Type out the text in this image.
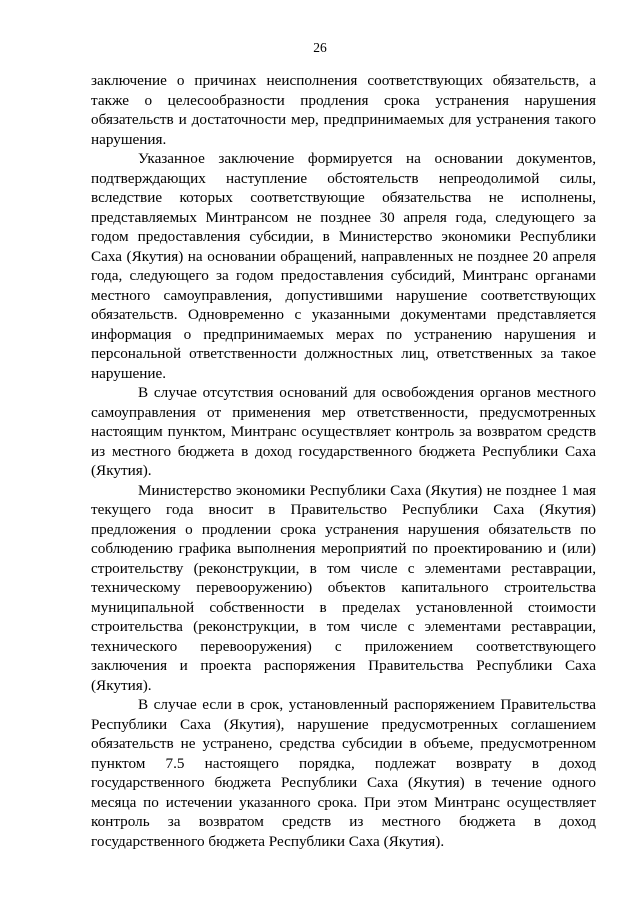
26

заключение о причинах неисполнения соответствующих обязательств, а также о целесообразности продления срока устранения нарушения обязательств и достаточности мер, предпринимаемых для устранения такого нарушения.

Указанное заключение формируется на основании документов, подтверждающих наступление обстоятельств непреодолимой силы, вследствие которых соответствующие обязательства не исполнены, представляемых Минтрансом не позднее 30 апреля года, следующего за годом предоставления субсидии, в Министерство экономики Республики Саха (Якутия) на основании обращений, направленных не позднее 20 апреля года, следующего за годом предоставления субсидий, Минтранс органами местного самоуправления, допустившими нарушение соответствующих обязательств. Одновременно с указанными документами представляется информация о предпринимаемых мерах по устранению нарушения и персональной ответственности должностных лиц, ответственных за такое нарушение.

В случае отсутствия оснований для освобождения органов местного самоуправления от применения мер ответственности, предусмотренных настоящим пунктом, Минтранс осуществляет контроль за возвратом средств из местного бюджета в доход государственного бюджета Республики Саха (Якутия).

Министерство экономики Республики Саха (Якутия) не позднее 1 мая текущего года вносит в Правительство Республики Саха (Якутия) предложения о продлении срока устранения нарушения обязательств по соблюдению графика выполнения мероприятий по проектированию и (или) строительству (реконструкции, в том числе с элементами реставрации, техническому перевооружению) объектов капитального строительства муниципальной собственности в пределах установленной стоимости строительства (реконструкции, в том числе с элементами реставрации, технического перевооружения) с приложением соответствующего заключения и проекта распоряжения Правительства Республики Саха (Якутия).

В случае если в срок, установленный распоряжением Правительства Республики Саха (Якутия), нарушение предусмотренных соглашением обязательств не устранено, средства субсидии в объеме, предусмотренном пунктом 7.5 настоящего порядка, подлежат возврату в доход государственного бюджета Республики Саха (Якутия) в течение одного месяца по истечении указанного срока. При этом Минтранс осуществляет контроль за возвратом средств из местного бюджета в доход государственного бюджета Республики Саха (Якутия).
